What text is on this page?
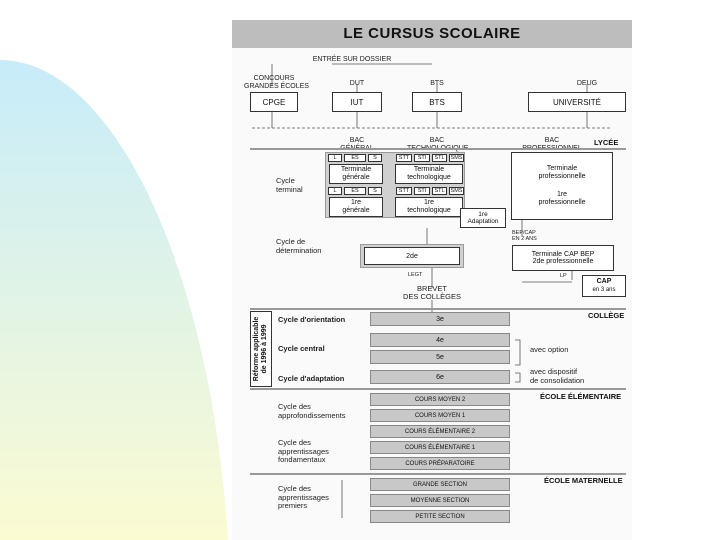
LE CURSUS SCOLAIRE
ENTRÉE SUR DOSSIER
CONCOURS
GRANDES ÉCOLES	DUT	BTS	DEUG
CPGE	IUT	BTS	UNIVERSITÉ
BAC	BAC	BAC	LYCÉE
Cycle
terminal
L	ES	S	STT	STI	STL	SMS
Terminale
générale
Terminale
technologique
L	ES	S	STT	STI	STL	SMS
1re
générale
1re
technologique	1re
Adaptation
Terminale
professionnelle
1re
professionnelle
Cycle de
détermination
2de
BEP/CAP
EN 2 ANS
Terminale CAP BEP
2de professionnelle
LEGT	LP
CAP
en 3 ans
BREVET
DES COLLÈGES
COLLÈGE
Réforme applicable
de 1996 à 1999
Cycle d'orientation
Cycle central
Cycle d'adaptation
3e
4e
5e
6e
avec option
avec dispositif
de consolidation
ÉCOLE ÉLÉMENTAIRE
Cycle des
approfondissements
Cycle des
apprentissages
fondamentaux
COURS MOYEN 2
COURS MOYEN 1
COURS ÉLÉMENTAIRE 2
COURS ÉLÉMENTAIRE 1
COURS PRÉPARATOIRE
ÉCOLE MATERNELLE
Cycle des
apprentissages
premiers
GRANDE SECTION
MOYENNE SECTION
PETITE SECTION
